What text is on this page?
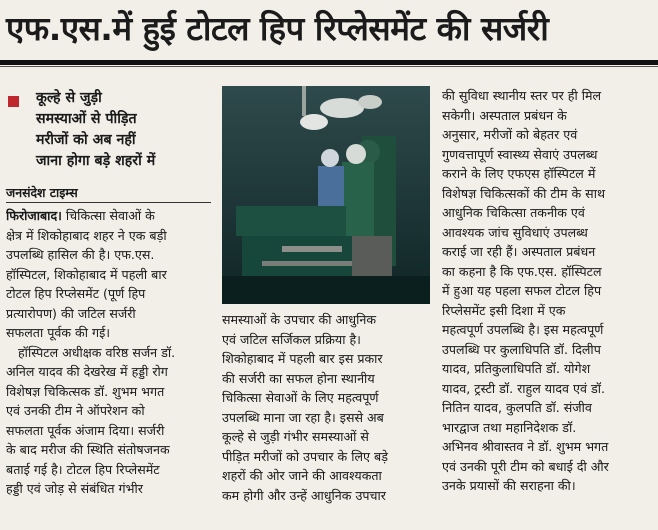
एफ.एस.में हुई टोटल हिप रिप्लेसमेंट की सर्जरी
कूल्हे से जुड़ी
समस्याओं से पीड़ित
मरीजों को अब नहीं
जाना होगा बड़े शहरों में
जनसंदेश टाइम्स
फिरोजाबाद। चिकित्सा सेवाओं के
क्षेत्र में शिकोहाबाद शहर ने एक बड़ी
उपलब्धि हासिल की है। एफ.एस.
हॉस्पिटल, शिकोहाबाद में पहली बार
टोटल हिप रिप्लेसमेंट (पूर्ण हिप
प्रत्यारोपण) की जटिल सर्जरी
सफलता पूर्वक की गई।
हॉस्पिटल अधीक्षक वरिष्ठ सर्जन डॉ.
अनिल यादव की देखरेख में हड्डी रोग
विशेषज्ञ चिकित्सक डॉ. शुभम भगत
एवं उनकी टीम ने ऑपरेशन को
सफलता पूर्वक अंजाम दिया। सर्जरी
के बाद मरीज की स्थिति संतोषजनक
बताई गई है। टोटल हिप रिप्लेसमेंट
हड्डी एवं जोड़ से संबंधित गंभीर
समस्याओं के उपचार की आधुनिक
एवं जटिल सर्जिकल प्रक्रिया है।
शिकोहाबाद में पहली बार इस प्रकार
की सर्जरी का सफल होना स्थानीय
चिकित्सा सेवाओं के लिए महत्वपूर्ण
उपलब्धि माना जा रहा है। इससे अब
कूल्हे से जुड़ी गंभीर समस्याओं से
पीड़ित मरीजों को उपचार के लिए बड़े
शहरों की ओर जाने की आवश्यकता
कम होगी और उन्हें आधुनिक उपचार
की सुविधा स्थानीय स्तर पर ही मिल
सकेगी। अस्पताल प्रबंधन के
अनुसार, मरीजों को बेहतर एवं
गुणवत्तापूर्ण स्वास्थ्य सेवाएं उपलब्ध
कराने के लिए एफएस हॉस्पिटल में
विशेषज्ञ चिकित्सकों की टीम के साथ
आधुनिक चिकित्सा तकनीक एवं
आवश्यक जांच सुविधाएं उपलब्ध
कराई जा रही हैं। अस्पताल प्रबंधन
का कहना है कि एफ.एस. हॉस्पिटल
में हुआ यह पहला सफल टोटल हिप
रिप्लेसमेंट इसी दिशा में एक
महत्वपूर्ण उपलब्धि है। इस महत्वपूर्ण
उपलब्धि पर कुलाधिपति डॉ. दिलीप
यादव, प्रतिकुलाधिपति डॉ. योगेश
यादव, ट्रस्टी डॉ. राहुल यादव एवं डॉ.
नितिन यादव, कुलपति डॉ. संजीव
भारद्वाज तथा महानिदेशक डॉ.
अभिनव श्रीवास्तव ने डॉ. शुभम भगत
एवं उनकी पूरी टीम को बधाई दी और
उनके प्रयासों की सराहना की।
